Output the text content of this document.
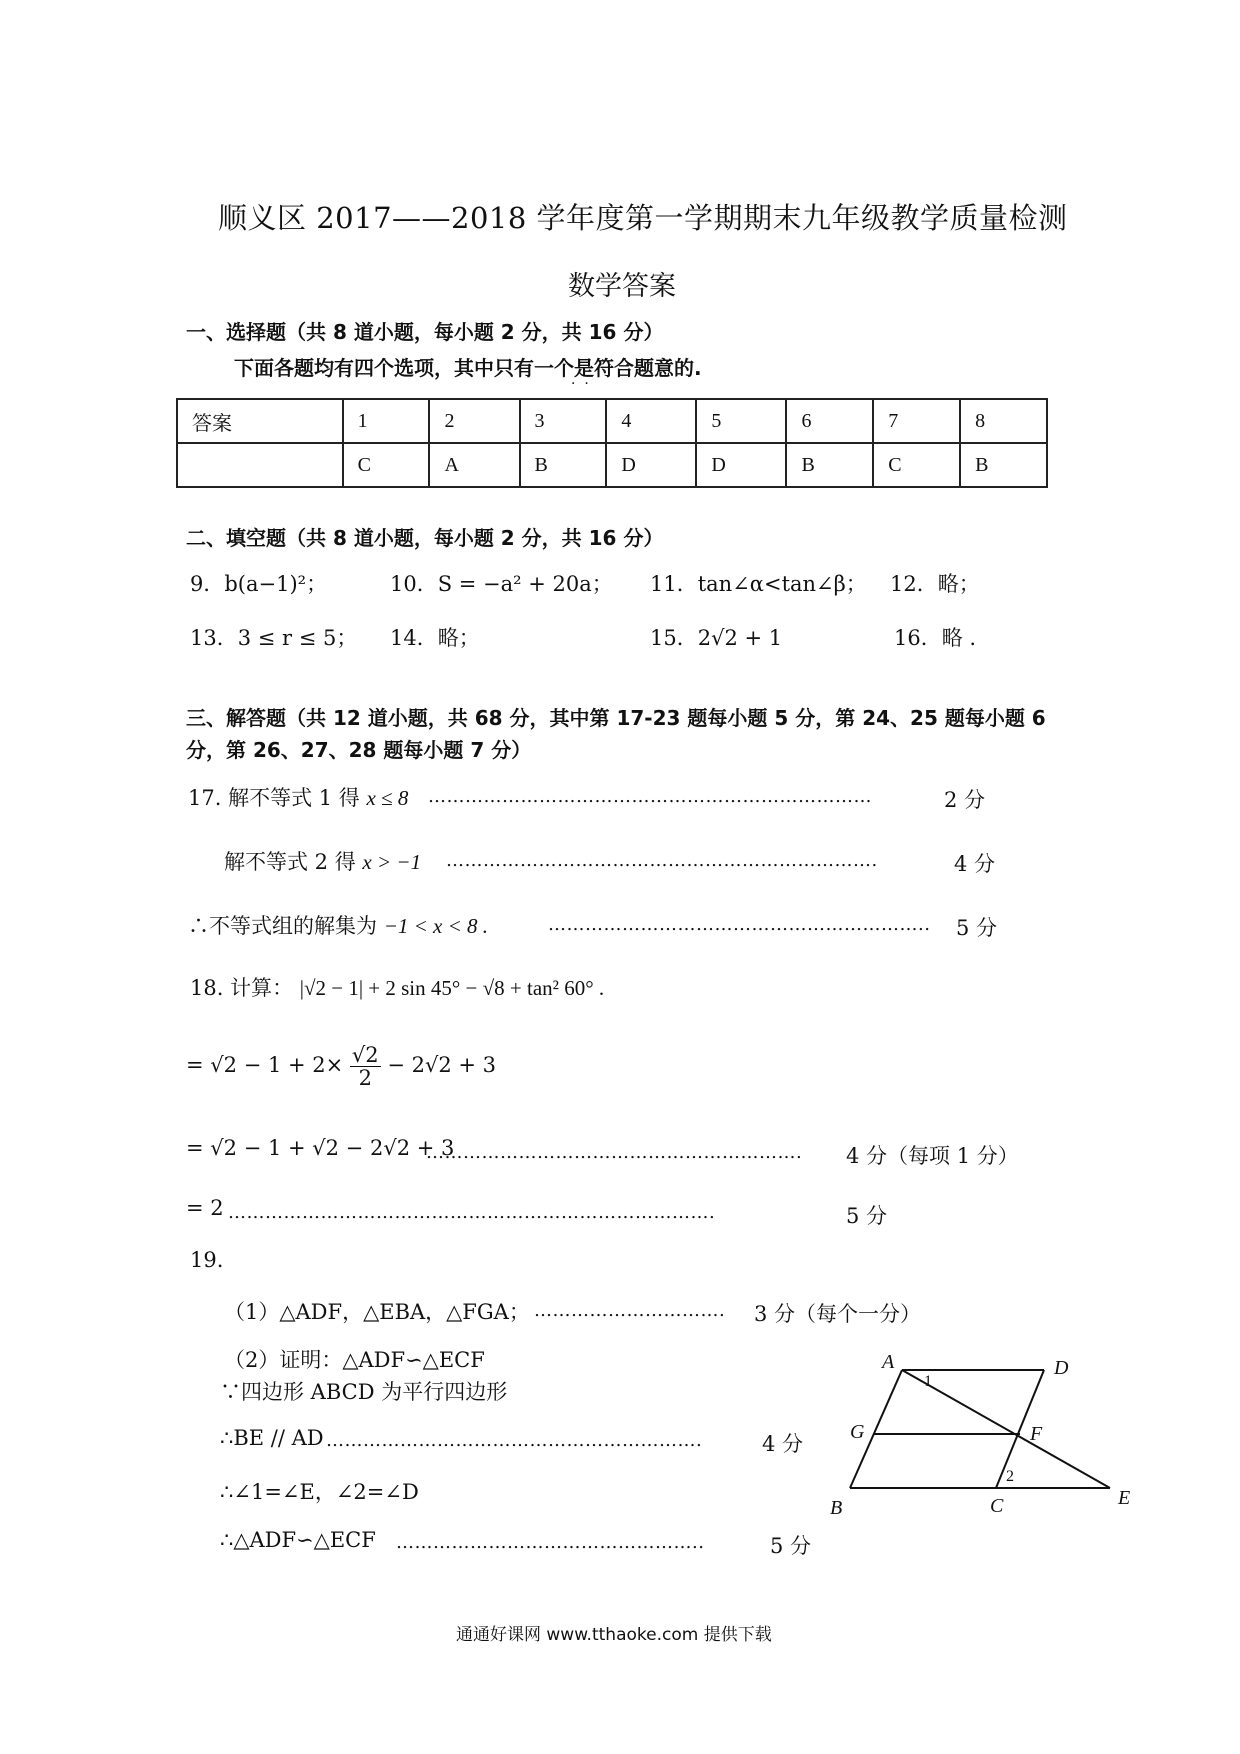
顺义区 2017——2018 学年度第一学期期末九年级教学质量检测
数学答案
一、选择题（共 8 道小题，每小题 2 分，共 16 分）
下面各题均有四个选项，其中只有一个是符合题意的.
·  ·
答案	1	2	3	4	5	6	7	8
	C	A	B	D	D	B	C	B
二、填空题（共 8 道小题，每小题 2 分，共 16 分）
9．b(a−1)²；	10．S = −a² + 20a； 11．tan∠α<tan∠β； 12．略；
13．3 ≤ r ≤ 5； 14．略；	15．2√2 + 1	16．略 .
三、解答题（共 12 道小题，共 68 分，其中第 17-23 题每小题 5 分，第 24、25 题每小题 6
分，第 26、27、28 题每小题 7 分）
17. 解不等式 1 得 x ≤ 8 ………………………………………………………………	2 分
解不等式 2 得 x > −1 …………………………………………………………….	4 分
∴不等式组的解集为 −1 < x < 8 .	…………………………………………………….. 5 分
18. 计算： |√2 − 1| + 2 sin 45° − √8 + tan² 60° .
= $√2 - 1 + 2\times \frac{√2}{2} - 2√2 + 3$
= √2 − 1 + √2 − 2√2 + 3
……………………………………………………. 4 分（每项 1 分）
= 2 …………………………………………………………………….	5 分
19.
（1）△ADF，△EBA，△FGA； …………………………. 3 分（每个一分）
（2）证明：△ADF∽△ECF
∵四边形 ABCD 为平行四边形
∴BE // AD …………………………………………………….	4 分
∴∠1=∠E，∠2=∠D
∴△ADF∽△ECF …………………………………………..	5 分
A	D
G	F
B	C	E
1
2
通通好课网 www.tthaoke.com 提供下载
